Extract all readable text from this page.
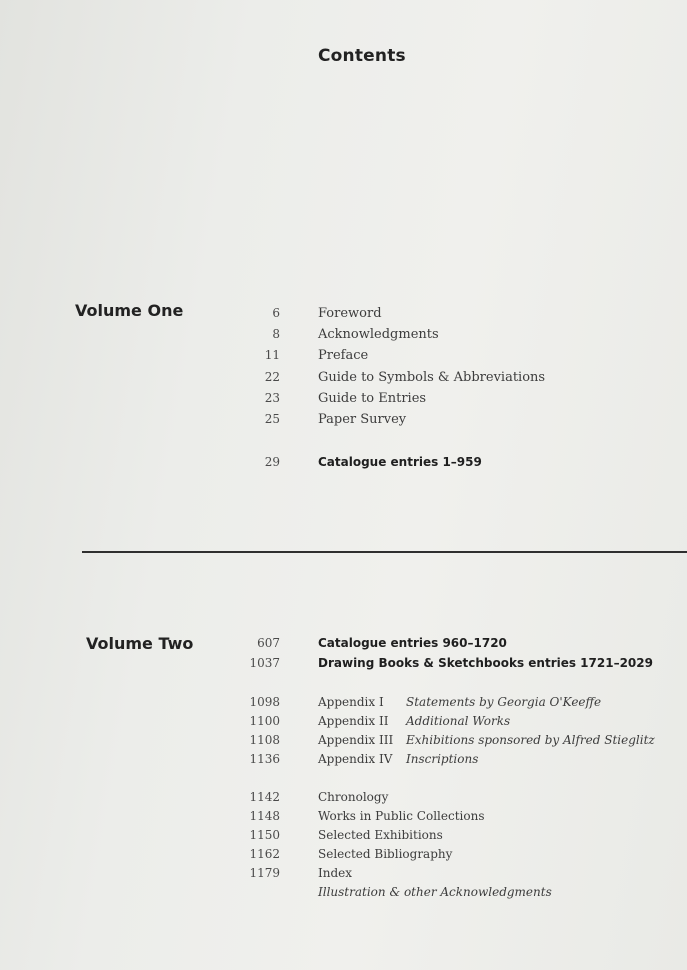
Contents
Volume One	6	Foreword
8	Acknowledgments
11	Preface
22	Guide to Symbols & Abbreviations
23	Guide to Entries
25	Paper Survey
29	Catalogue entries 1–959
Volume Two	607	Catalogue entries 960–1720
1037	Drawing Books & Sketchbooks entries 1721–2029
1098	Appendix I Statements by Georgia O'Keeffe
1100	Appendix II Additional Works
1108	Appendix III Exhibitions sponsored by Alfred Stieglitz
1136	Appendix IV Inscriptions
1142	Chronology
1148	Works in Public Collections
1150	Selected Exhibitions
1162	Selected Bibliography
1179	Index
Illustration & other Acknowledgments
